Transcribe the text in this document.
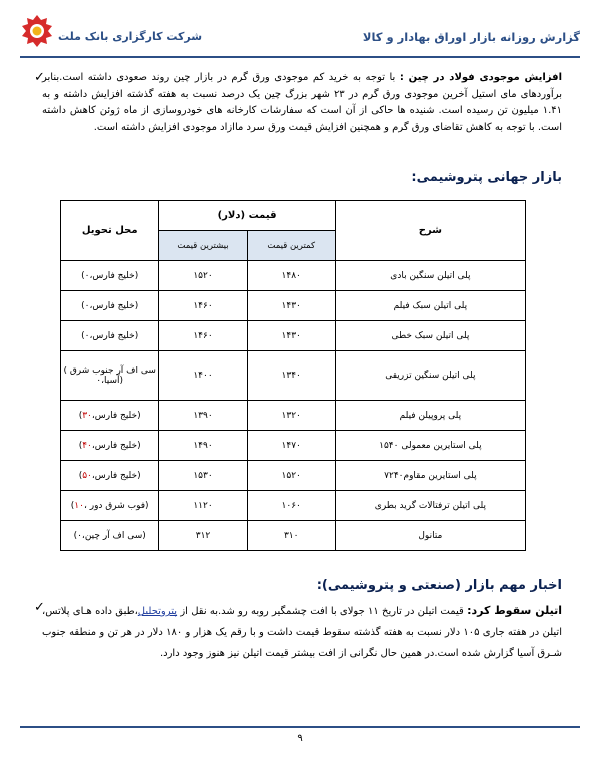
شرکت کارگزاری بانک ملت	گزارش روزانه بازار اوراق بهادار و کالا
✓	افزایش موجودی فولاد در چین : با توجه به خرید کم موجودی ورق گرم در بازار چین روند صعودی داشته است.بنابر برآوردهای مای استیل آخرین موجودی ورق گرم در ۲۳ شهر بزرگ چین یک درصد نسبت به هفته گذشته افزایش داشته و به ۱.۴۱ میلیون تن رسیده است. شنیده ها حاکی از آن است که سفارشات کارخانه های خودروسازی از ماه ژوئن کاهش داشته است. با توجه به کاهش تقاضای ورق گرم و همچنین افزایش قیمت ورق سرد ماازاد موجودی افزایش داشته است.
بازار جهانی پتروشیمی:
شرح	قیمت (دلار)		محل تحویل
	کمترین قیمت	بیشترین قیمت	
پلی اتیلن سنگین بادی	۱۴۸۰	۱۵۲۰	(خلیج فارس،۰)
پلی اتیلن سبک فیلم	۱۴۳۰	۱۴۶۰	(خلیج فارس،۰)
پلی اتیلن سبک خطی	۱۴۳۰	۱۴۶۰	(خلیج فارس،۰)
پلی اتیلن سنگین تزریقی	۱۳۴۰	۱۴۰۰	سی اف آر جنوب شرق )
(آسیا،۰

پلی پروپیلن فیلم	۱۳۲۰	۱۳۹۰	(خلیج فارس،۳۰)
پلی استایرین معمولی ۱۵۴۰	۱۴۷۰	۱۴۹۰	(خلیج فارس،۴۰)
پلی استایرین مقاوم۷۲۴۰	۱۵۲۰	۱۵۳۰	(خلیج فارس،۵۰)
پلی اتیلن ترفتالات گرید بطری	۱۰۶۰	۱۱۲۰	(فوب شرق دور ،۱۰)
متانول	۳۱۰	۳۱۲	(سی اف آر چین،۰)
اخبار مهم بازار (صنعتی و پتروشیمی):
✓	اتیلن سقوط کرد: قیمت اتیلن در تاریخ ۱۱ جولای با افت چشمگیر روبه رو شد.به نقل از پتروتحلیل،طبق داده هـای پلاتس، اتیلن در هفته جاری ۱۰۵ دلار نسبت به هفته گذشته سقوط قیمت داشت و با رقم یک هزار و ۱۸۰ دلار در هر تن و منطقه جنوب شـرق آسیا گزارش شده است.در همین حال نگرانی از افت بیشتر قیمت اتیلن نیز هنوز وجود دارد.
۹
